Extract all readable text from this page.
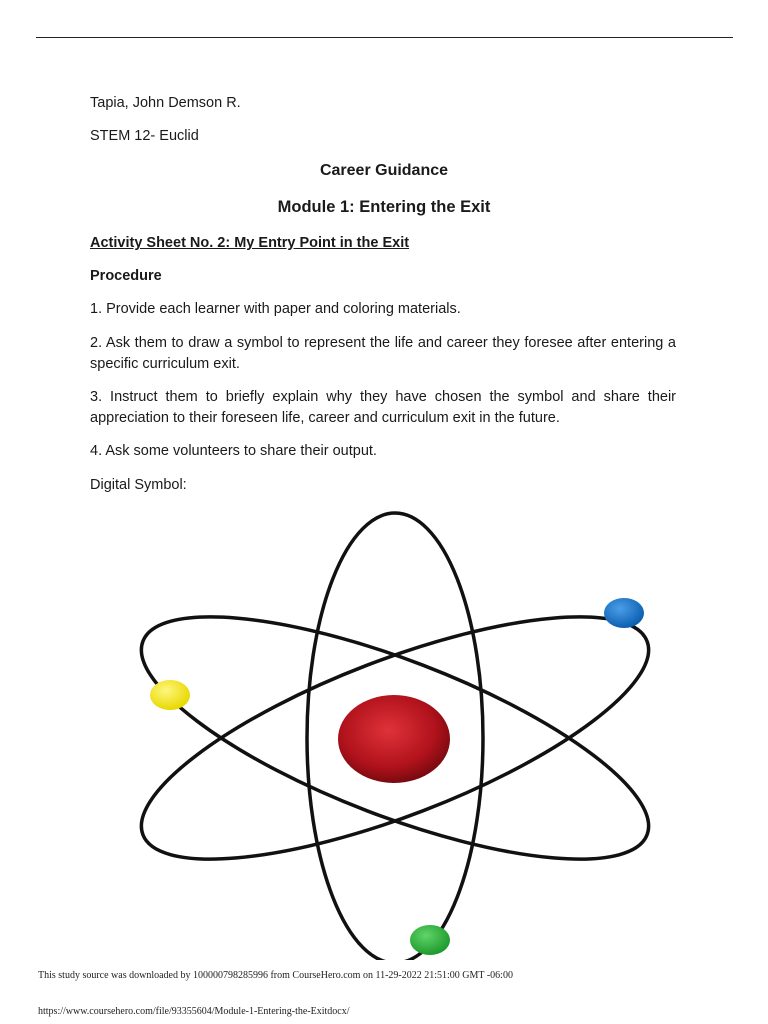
Tapia, John Demson R.
STEM 12- Euclid
Career Guidance
Module 1: Entering the Exit
Activity Sheet No. 2: My Entry Point in the Exit
Procedure
1. Provide each learner with paper and coloring materials.
2. Ask them to draw a symbol to represent the life and career they foresee after entering a specific curriculum exit.
3. Instruct them to briefly explain why they have chosen the symbol and share their appreciation to their foreseen life, career and curriculum exit in the future.
4. Ask some volunteers to share their output.
Digital Symbol:
This study source was downloaded by 100000798285996 from CourseHero.com on 11-29-2022 21:51:00 GMT -06:00
https://www.coursehero.com/file/93355604/Module-1-Entering-the-Exitdocx/
